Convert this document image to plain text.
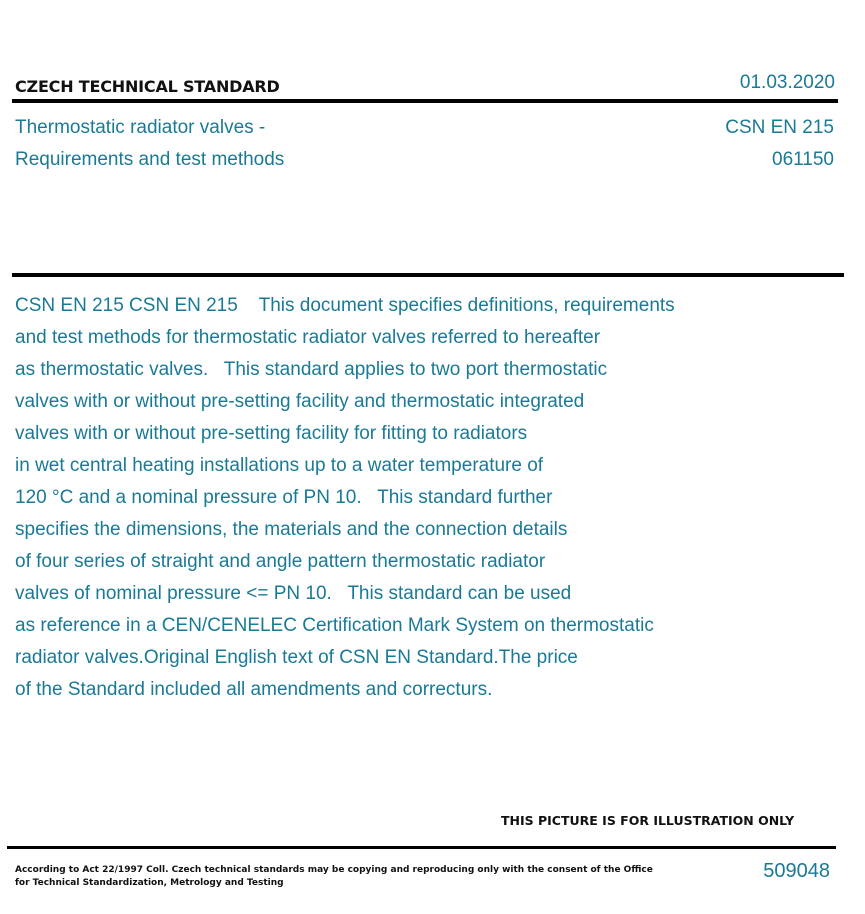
CZECH TECHNICAL STANDARD	01.03.2020
Thermostatic radiator valves -
Requirements and test methods
CSN EN 215
061150
CSN EN 215 CSN EN 215    This document specifies definitions, requirements
and test methods for thermostatic radiator valves referred to hereafter
as thermostatic valves.   This standard applies to two port thermostatic
valves with or without pre-setting facility and thermostatic integrated
valves with or without pre-setting facility for fitting to radiators
in wet central heating installations up to a water temperature of
120 °C and a nominal pressure of PN 10.   This standard further
specifies the dimensions, the materials and the connection details
of four series of straight and angle pattern thermostatic radiator
valves of nominal pressure <= PN 10.   This standard can be used
as reference in a CEN/CENELEC Certification Mark System on thermostatic
radiator valves.Original English text of CSN EN Standard.The price
of the Standard included all amendments and correcturs.
THIS PICTURE IS FOR ILLUSTRATION ONLY
According to Act 22/1997 Coll. Czech technical standards may be copying and reproducing only with the consent of the Office
for Technical Standardization, Metrology and Testing
509048
